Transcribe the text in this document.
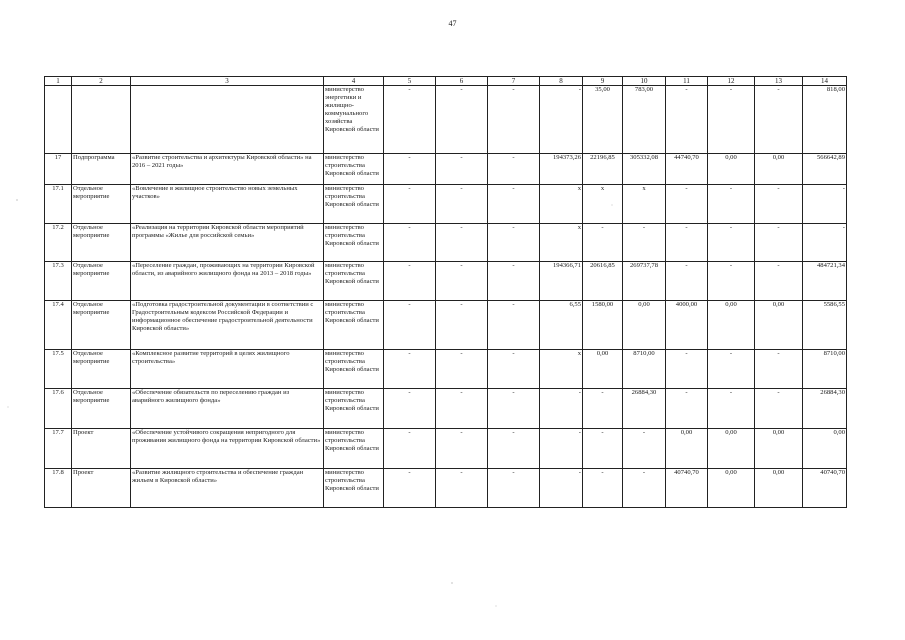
47
1	2	3	4	5	6	7	8	9	10	11	12	13	14
			министерство энергетики и жилищно-коммунального хозяйства Кировской области	-	-	-	-	35,00	783,00	-	-	-	818,00
17	Подпрограмма	«Развитие строительства и архитектуры Кировской области» на 2016 – 2021 годы»	министерство строительства Кировской области	-	-	-	194373,26	22196,85	305332,08	44740,70	0,00	0,00	566642,89
17.1	Отдельное мероприятие	«Вовлечение в жилищное строительство новых земельных участков»	министерство строительства Кировской области	-	-	-	х	х	х	-	-	-	-
17.2	Отдельное мероприятие	«Реализация на территории Кировской области мероприятий программы «Жилье для российской семьи»	министерство строительства Кировской области	-	-	-	х	-	-	-	-	-	-
17.3	Отдельное мероприятие	«Переселение граждан, проживающих на территории Кировской области, из аварийного жилищного фонда на 2013 – 2018 годы»	министерство строительства Кировской области	-	-	-	194366,71	20616,85	269737,78	-	-	-	484721,34
17.4	Отдельное мероприятие	«Подготовка градостроительной документации в соответствии с Градостроительным кодексом Российской Федерации и информационное обеспечение градостроительной деятельности Кировской области»	министерство строительства Кировской области	-	-	-	6,55	1580,00	0,00	4000,00	0,00	0,00	5586,55
17.5	Отдельное мероприятие	«Комплексное развитие территорий в целях жилищного строительства»	министерство строительства Кировской области	-	-	-	х	0,00	8710,00	-	-	-	8710,00
17.6	Отдельное мероприятие	«Обеспечение обязательств по переселению граждан из аварийного жилищного фонда»	министерство строительства Кировской области	-	-	-	-	-	26884,30	-	-	-	26884,30
17.7	Проект	«Обеспечение устойчивого сокращения непригодного для проживания жилищного фонда на территории Кировской области»	министерство строительства Кировской области	-	-	-	-	-	-	0,00	0,00	0,00	0,00
17.8	Проект	«Развитие жилищного строительства и обеспечение граждан жильем в Кировской области»	министерство строительства Кировской области	-	-	-	-	-	-	40740,70	0,00	0,00	40740,70
